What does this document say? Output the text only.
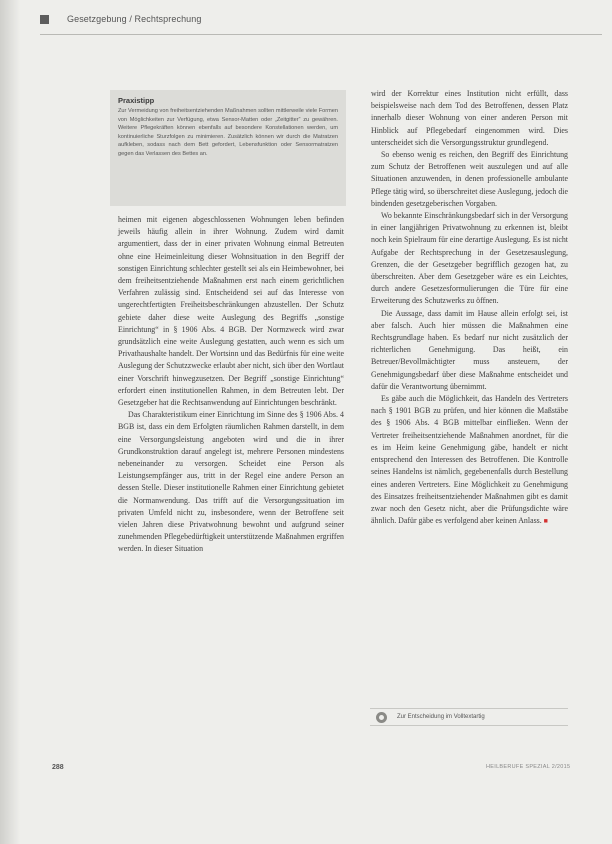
Gesetzgebung / Rechtsprechung
Praxistipp
Zur Vermeidung von freiheitsentziehenden Maßnahmen sollten mittlerweile viele Formen von Möglichkeiten zur Verfügung, etwa Sensor-Matten oder „Zeitgitter“ zu gewähren. Weitere Pflegekräften können ebenfalls auf besondere Konstellationen werden, um kontinuierliche Sturzfolgen zu minimieren. Zusätzlich können wir durch die Matratzen aufkleben, sodass nach dem Bett gefordert, Lebensfunktion oder Sensormatratzen gegen das Verlassen des Bettes an.

heimen mit eigenen abgeschlossenen Wohnungen leben befinden jeweils häufig allein in ihrer Wohnung. Zudem wird damit argumentiert, dass der in einer privaten Wohnung einmal Betreuten ohne eine Heimeinleitung dieser Wohnsituation in den Begriff der sonstigen Einrichtung schlechter gestellt sei als ein Heimbewohner, bei dem freiheitsentziehende Maßnahmen erst nach einem gerichtlichen Verfahren zulässig sind. Entscheidend sei auf das Interesse von ungerechtfertigten Freiheitsbeschränkungen abzustellen. Der Schutz gebiete daher diese weite Auslegung des Begriffs „sonstige Einrichtung“ in § 1906 Abs. 4 BGB. Der Normzweck wird zwar grundsätzlich eine weite Auslegung gestatten, auch wenn es sich um Privathaushalte handelt. Der Wortsinn und das Bedürfnis für eine weite Auslegung der Schutzzwecke erlaubt aber nicht, sich über den Wortlaut einer Vorschrift hinwegzusetzen. Der Begriff „sonstige Einrichtung“ erfordert einen institutionellen Rahmen, in dem Betreuten lebt. Der Gesetzgeber hat die Rechtsanwendung auf Einrichtungen beschränkt.

Das Charakteristikum einer Einrichtung im Sinne des § 1906 Abs. 4 BGB ist, dass ein dem Erfolgten räumlichen Rahmen darstellt, in dem eine Versorgungsleistung angeboten wird und die in ihrer Grundkonstruktion darauf angelegt ist, mehrere Personen mindestens nebeneinander zu versorgen. Scheidet eine Person als Leistungsempfänger aus, tritt in der Regel eine andere Person an dessen Stelle. Dieser institutionelle Rahmen einer Einrichtung gebietet die Normanwendung. Das trifft auf die Versorgungssituation im privaten Umfeld nicht zu, insbesondere, wenn der Betroffene seit vielen Jahren diese Privatwohnung bewohnt und aufgrund seiner zunehmenden Pflegebedürftigkeit unterstützende Maßnahmen ergriffen werden. In dieser Situation

wird der Korrektur eines Institution nicht erfüllt, dass beispielsweise nach dem Tod des Betroffenen, dessen Platz innerhalb dieser Wohnung von einer anderen Person mit Hinblick auf Pflegebedarf eingenommen wird. Dies unterscheidet sich die Versorgungsstruktur grundlegend.

So ebenso wenig es reichen, den Begriff des Einrichtung zum Schutz der Betroffenen weit auszulegen und auf alle Situationen anzuwenden, in denen professionelle ambulante Pflege tätig wird, so überschreitet diese Auslegung, jedoch die bindenden gesetzgeberischen Vorgaben.

Wo bekannte Einschränkungsbedarf sich in der Versorgung in einer langjährigen Privatwohnung zu erkennen ist, bleibt noch kein Spielraum für eine derartige Auslegung. Es ist nicht Aufgabe der Rechtsprechung in der Gesetzesauslegung, Grenzen, die der Gesetzgeber begrifflich gezogen hat, zu überschreiten. Aber dem Gesetzgeber wäre es ein Leichtes, durch andere Gesetzesformulierungen die Türe für eine Erweiterung des Schutzwerks zu öffnen.

Die Aussage, dass damit im Hause allein erfolgt sei, ist aber falsch. Auch hier müssen die Maßnahmen eine Rechtsgrundlage haben. Es bedarf nur nicht zusätzlich der richterlichen Genehmigung. Das heißt, ein Betreuer/Bevollmächtigter muss ansteuern, der Genehmigungsbedarf über diese Maßnahme entscheidet und dafür die Verantwortung übernimmt.

Es gäbe auch die Möglichkeit, das Handeln des Vertreters nach § 1901 BGB zu prüfen, und hier können die Maßstäbe des § 1906 Abs. 4 BGB mittelbar einfließen. Wenn der Vertreter freiheitsentziehende Maßnahmen anordnet, für die es im Heim keine Genehmigung gäbe, handelt er nicht entsprechend den Interessen des Betroffenen. Die Kontrolle seines Handelns ist nämlich, gegebenenfalls durch Bestellung eines anderen Vertreters. Eine Möglichkeit zu Genehmigung des Einsatzes freiheitsentziehender Maßnahmen gibt es damit zwar noch den Gesetz nicht, aber die Prüfungsdichte wäre ähnlich. Dafür gäbe es verfolgend aber keinen Anlass. ■

Zur Entscheidung im Volltextartig
288	HEILBERUFE SPEZIAL 2/2015
